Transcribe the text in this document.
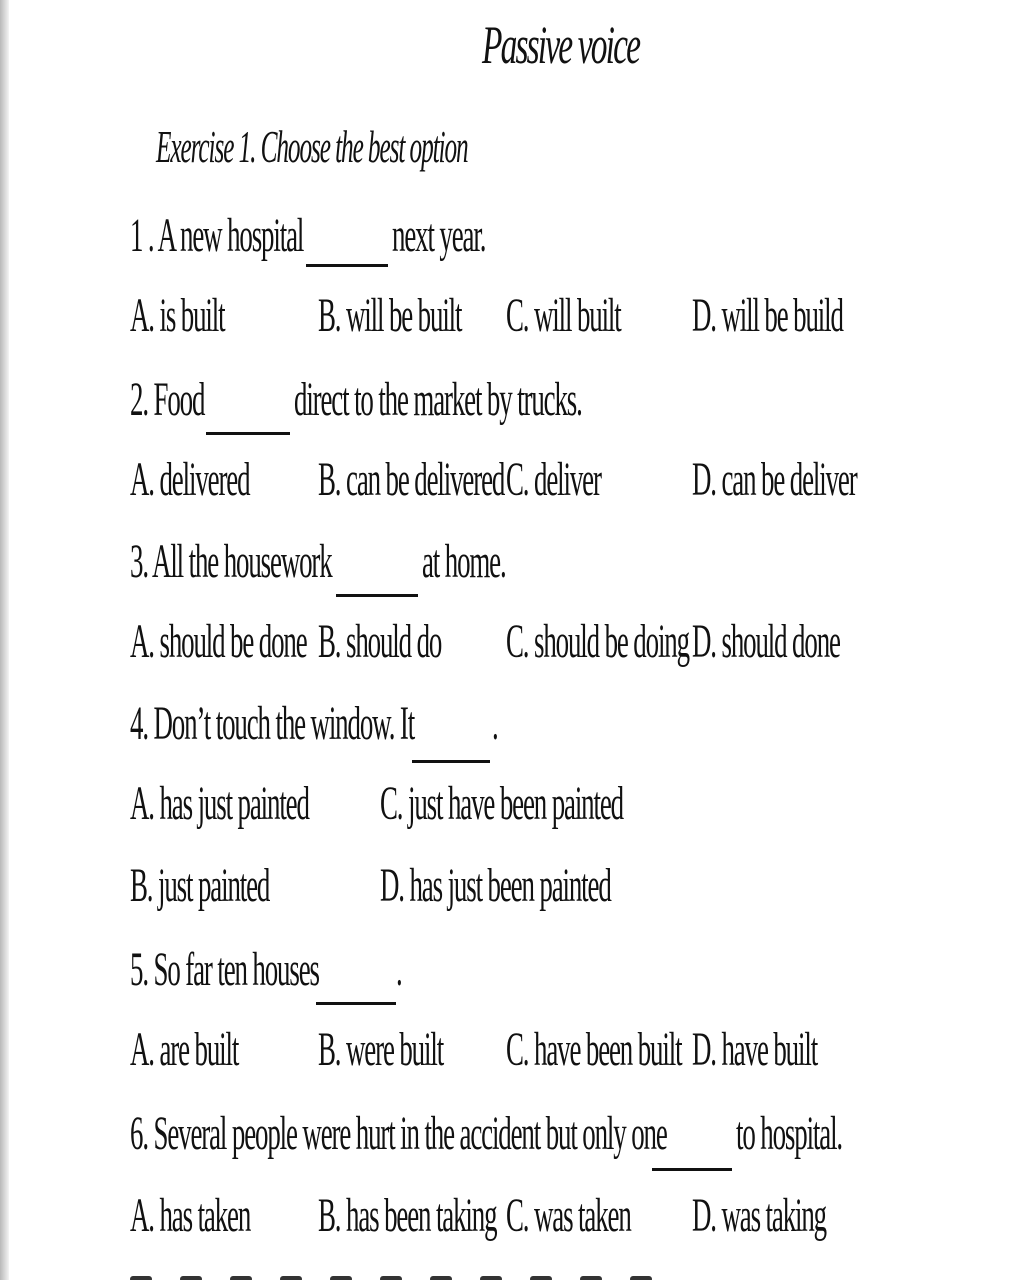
Passive voice
Exercise 1. Choose the best option
1 . A new hospital next year.
A. is built B. will be built C. will built D. will be build
2. Food direct to the market by trucks.
A. delivered B. can be delivered C. deliver D. can be deliver
3. All the housework at home.
A. should be done B. should do C. should be doing D. should done
4. Don’t touch the window. It .
A. has just painted C. just have been painted
B. just painted D. has just been painted
5. So far ten houses .
A. are built B. were built C. have been built D. have built
6. Several people were hurt in the accident but only one to hospital.
A. has taken B. has been taking C. was taken D. was taking
